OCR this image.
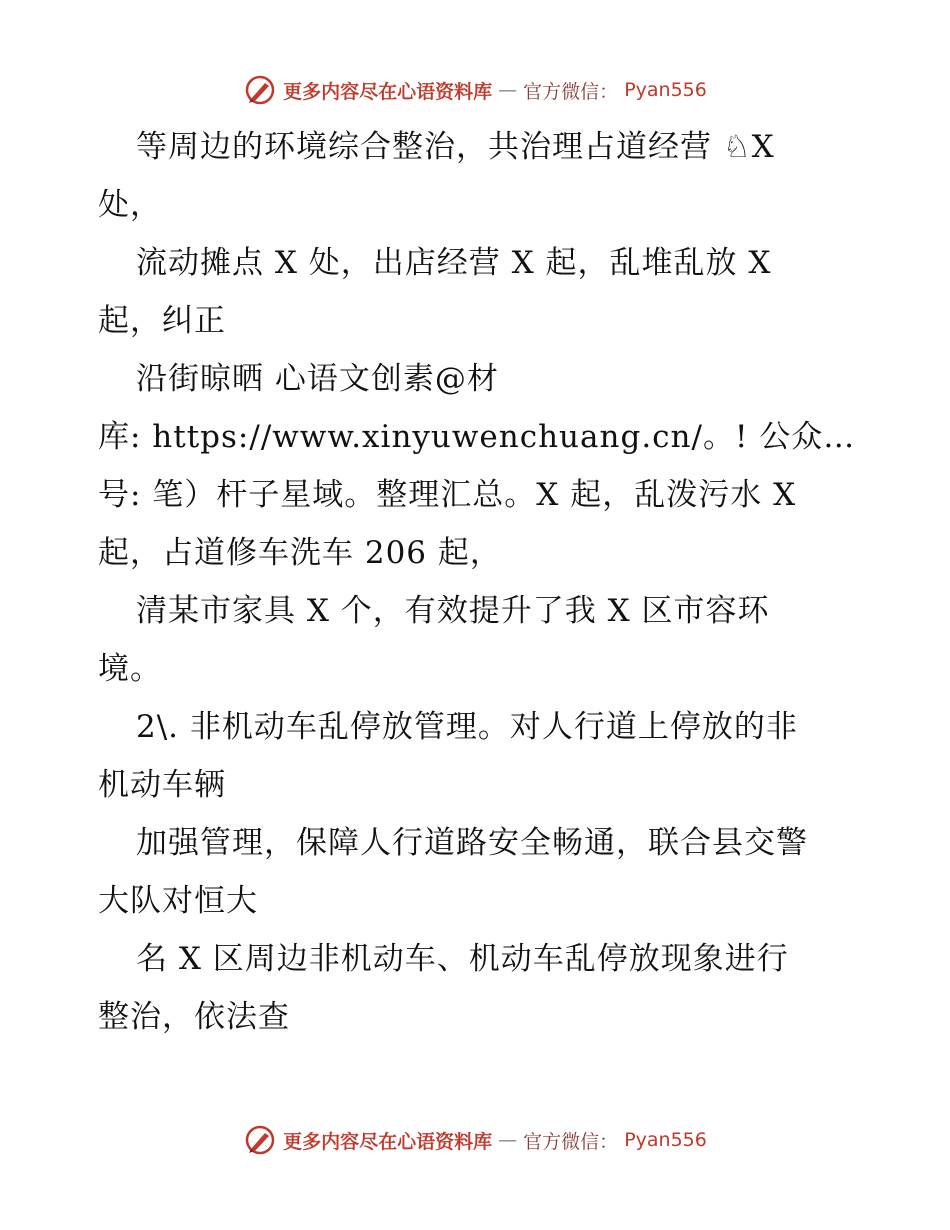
更多内容尽在心语资料库 — 官方微信： Pyan556
等周边的环境综合整治，共治理占道经营 ♘X
处，
流动摊点 X 处，出店经营 X 起，乱堆乱放 X
起，纠正
沿街晾晒 心语文创素@材
库: https://www.xinyuwenchuang.cn/。! 公众…
号: 笔）杆子星域。整理汇总。X 起，乱泼污水 X
起，占道修车洗车 206 起，
清某市家具 X 个，有效提升了我 X 区市容环
境。
2\. 非机动车乱停放管理。对人行道上停放的非
机动车辆
加强管理，保障人行道路安全畅通，联合县交警
大队对恒大
名 X 区周边非机动车、机动车乱停放现象进行
整治，依法查
更多内容尽在心语资料库 — 官方微信： Pyan556
